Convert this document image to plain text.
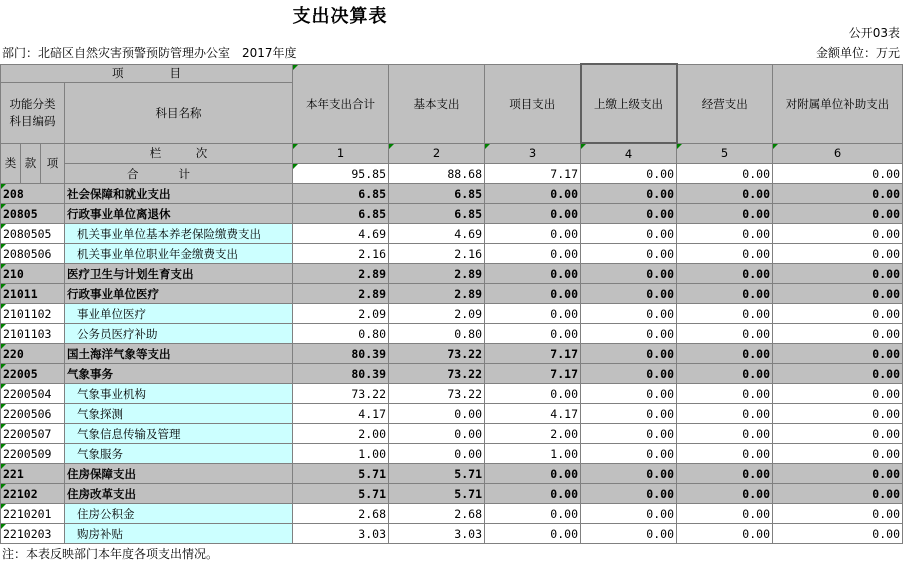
支出决算表
公开03表
部门：北碚区自然灾害预警预防管理办公室 2017年度	金额单位：万元
项　　　　目				本年支出合计	基本支出	项目支出	上缴上级支出	经营支出	对附属单位补助支出
功能分类
科目编码			科目名称						
类	款	项	栏　　　次	1	2	3	4	5	6
			合计	95.85	88.68	7.17	0.00	0.00	0.00
208			社会保障和就业支出	6.85	6.85	0.00	0.00	0.00	0.00
20805			行政事业单位离退休	6.85	6.85	0.00	0.00	0.00	0.00
2080505			机关事业单位基本养老保险缴费支出	4.69	4.69	0.00	0.00	0.00	0.00
2080506			机关事业单位职业年金缴费支出	2.16	2.16	0.00	0.00	0.00	0.00
210			医疗卫生与计划生育支出	2.89	2.89	0.00	0.00	0.00	0.00
21011			行政事业单位医疗	2.89	2.89	0.00	0.00	0.00	0.00
2101102			事业单位医疗	2.09	2.09	0.00	0.00	0.00	0.00
2101103			公务员医疗补助	0.80	0.80	0.00	0.00	0.00	0.00
220			国土海洋气象等支出	80.39	73.22	7.17	0.00	0.00	0.00
22005			气象事务	80.39	73.22	7.17	0.00	0.00	0.00
2200504			气象事业机构	73.22	73.22	0.00	0.00	0.00	0.00
2200506			气象探测	4.17	0.00	4.17	0.00	0.00	0.00
2200507			气象信息传输及管理	2.00	0.00	2.00	0.00	0.00	0.00
2200509			气象服务	1.00	0.00	1.00	0.00	0.00	0.00
221			住房保障支出	5.71	5.71	0.00	0.00	0.00	0.00
22102			住房改革支出	5.71	5.71	0.00	0.00	0.00	0.00
2210201			住房公积金	2.68	2.68	0.00	0.00	0.00	0.00
2210203			购房补贴	3.03	3.03	0.00	0.00	0.00	0.00
注：本表反映部门本年度各项支出情况。
